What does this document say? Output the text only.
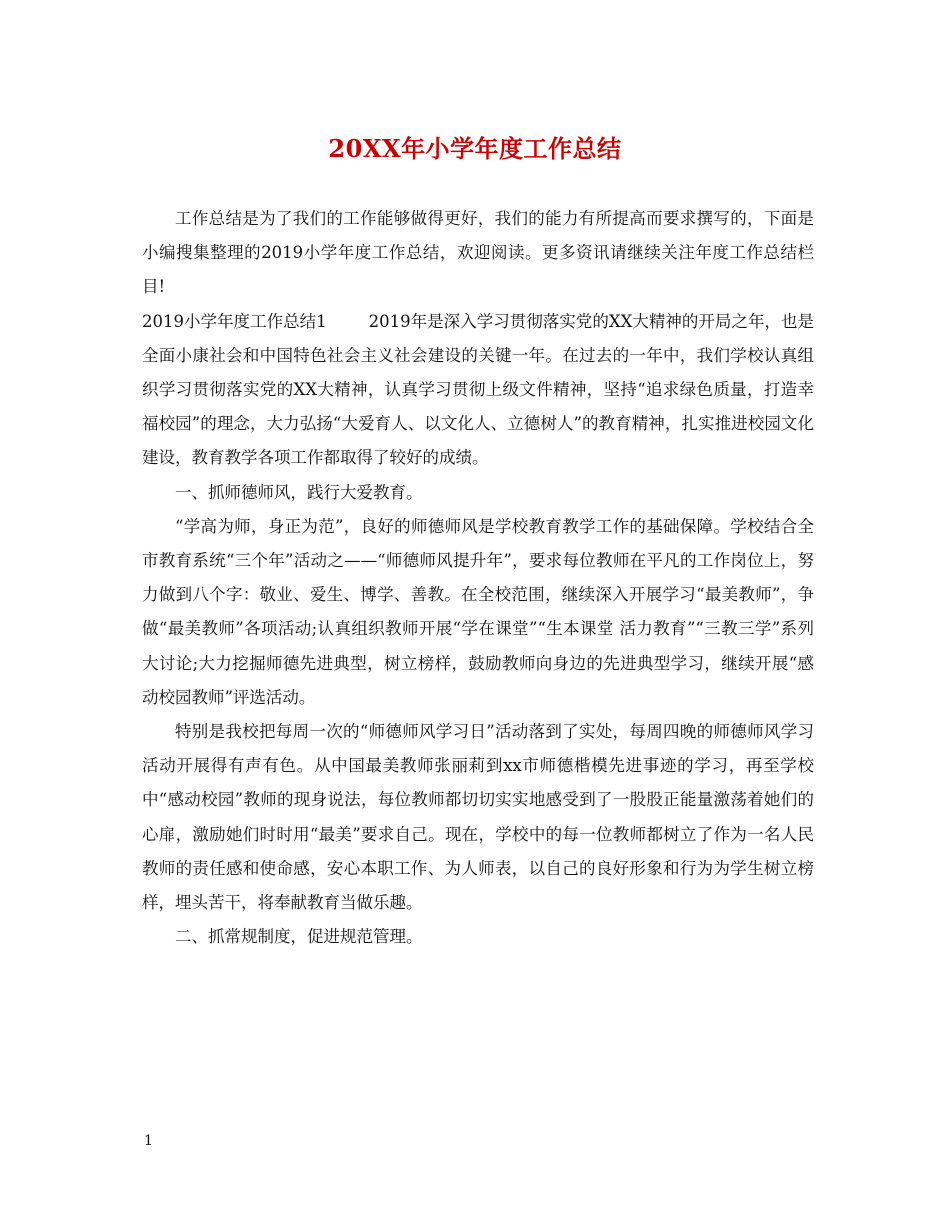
20XX年小学年度工作总结

工作总结是为了我们的工作能够做得更好，我们的能力有所提高而要求撰写的，下面是小编搜集整理的2019小学年度工作总结，欢迎阅读。更多资讯请继续关注年度工作总结栏目!

2019小学年度工作总结1	2019年是深入学习贯彻落实党的XX大精神的开局之年，也是全面小康社会和中国特色社会主义社会建设的关键一年。在过去的一年中，我们学校认真组织学习贯彻落实党的XX大精神，认真学习贯彻上级文件精神，坚持“追求绿色质量，打造幸福校园”的理念，大力弘扬“大爱育人、以文化人、立德树人”的教育精神，扎实推进校园文化建设，教育教学各项工作都取得了较好的成绩。

一、抓师德师风，践行大爱教育。

“学高为师，身正为范”，良好的师德师风是学校教育教学工作的基础保障。学校结合全市教育系统“三个年”活动之——“师德师风提升年”，要求每位教师在平凡的工作岗位上，努力做到八个字：敬业、爱生、博学、善教。在全校范围，继续深入开展学习“最美教师”，争做“最美教师”各项活动;认真组织教师开展“学在课堂”“生本课堂 活力教育”“三教三学”系列大讨论;大力挖掘师德先进典型，树立榜样，鼓励教师向身边的先进典型学习，继续开展“感动校园教师”评选活动。

特别是我校把每周一次的“师德师风学习日”活动落到了实处，每周四晚的师德师风学习活动开展得有声有色。从中国最美教师张丽莉到xx市师德楷模先进事迹的学习，再至学校中“感动校园”教师的现身说法，每位教师都切切实实地感受到了一股股正能量激荡着她们的心扉，激励她们时时用“最美”要求自己。现在，学校中的每一位教师都树立了作为一名人民教师的责任感和使命感，安心本职工作、为人师表，以自己的良好形象和行为为学生树立榜样，埋头苦干，将奉献教育当做乐趣。

二、抓常规制度，促进规范管理。

1
